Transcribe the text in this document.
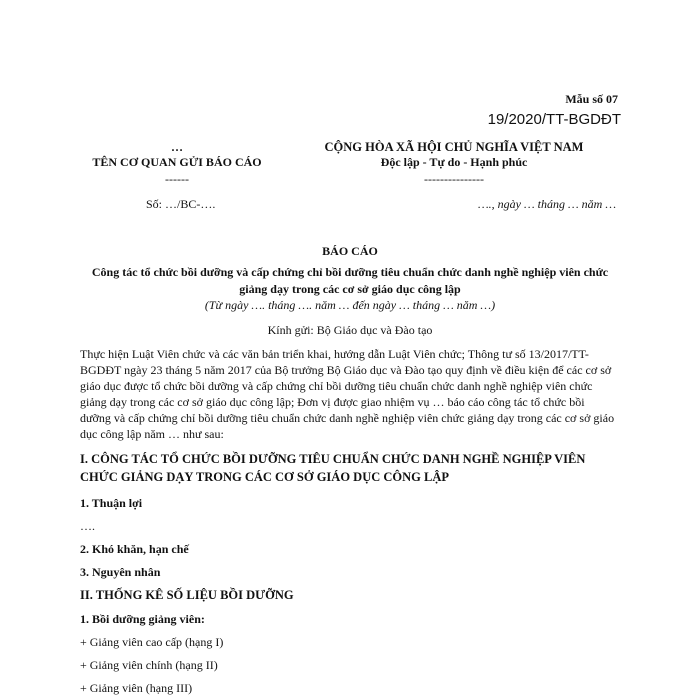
Mẫu số 07
19/2020/TT-BGDĐT
…
TÊN CƠ QUAN GỬI BÁO CÁO
------
CỘNG HÒA XÃ HỘI CHỦ NGHĨA VIỆT NAM
Độc lập - Tự do - Hạnh phúc
---------------
Số: …/BC-….	…., ngày … tháng … năm …
BÁO CÁO
Công tác tổ chức bồi dưỡng và cấp chứng chỉ bồi dưỡng tiêu chuẩn chức danh nghề nghiệp viên chức giảng dạy trong các cơ sở giáo dục công lập
(Từ ngày …. tháng …. năm … đến ngày … tháng … năm …)
Kính gửi: Bộ Giáo dục và Đào tạo
Thực hiện Luật Viên chức và các văn bản triển khai, hướng dẫn Luật Viên chức; Thông tư số 13/2017/TT-BGDĐT ngày 23 tháng 5 năm 2017 của Bộ trưởng Bộ Giáo dục và Đào tạo quy định về điều kiện để các cơ sở giáo dục được tổ chức bồi dưỡng và cấp chứng chỉ bồi dưỡng tiêu chuẩn chức danh nghề nghiệp viên chức giảng dạy trong các cơ sở giáo dục công lập; Đơn vị được giao nhiệm vụ … báo cáo công tác tổ chức bồi dưỡng và cấp chứng chỉ bồi dưỡng tiêu chuẩn chức danh nghề nghiệp viên chức giảng dạy trong các cơ sở giáo dục công lập năm … như sau:
I. CÔNG TÁC TỔ CHỨC BỒI DƯỠNG TIÊU CHUẨN CHỨC DANH NGHỀ NGHIỆP VIÊN CHỨC GIẢNG DẠY TRONG CÁC CƠ SỞ GIÁO DỤC CÔNG LẬP
1. Thuận lợi
….
2. Khó khăn, hạn chế
3. Nguyên nhân
II. THỐNG KÊ SỐ LIỆU BỒI DƯỠNG
1. Bồi dưỡng giảng viên:
+ Giảng viên cao cấp (hạng I)
+ Giảng viên chính (hạng II)
+ Giảng viên (hạng III)
